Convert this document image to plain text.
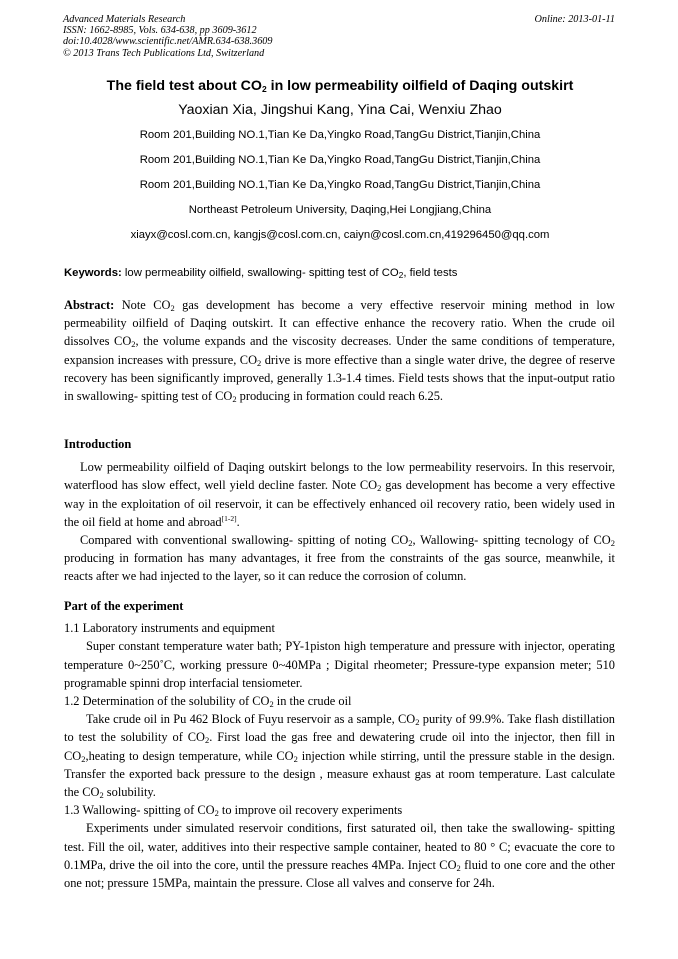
Advanced Materials Research
ISSN: 1662-8985, Vols. 634-638, pp 3609-3612
doi:10.4028/www.scientific.net/AMR.634-638.3609
© 2013 Trans Tech Publications Ltd, Switzerland
Online: 2013-01-11
The field test about $CO_2$ in low permeability oilfield of Daqing outskirt
Yaoxian Xia, Jingshui Kang, Yina Cai, Wenxiu Zhao
Room 201,Building NO.1,Tian Ke Da,Yingko Road,TangGu District,Tianjin,China
Room 201,Building NO.1,Tian Ke Da,Yingko Road,TangGu District,Tianjin,China
Room 201,Building NO.1,Tian Ke Da,Yingko Road,TangGu District,Tianjin,China
Northeast Petroleum University, Daqing,Hei Longjiang,China
xiayx@cosl.com.cn, kangjs@cosl.com.cn, caiyn@cosl.com.cn,419296450@qq.com
Keywords: low permeability oilfield, swallowing- spitting test of $CO_2$, field tests

Abstract: Note $CO_2$ gas development has become a very effective reservoir mining method in low permeability oilfield of Daqing outskirt. It can effective enhance the recovery ratio. When the crude oil dissolves $CO_2$, the volume expands and the viscosity decreases. Under the same conditions of temperature, expansion increases with pressure, $CO_2$ drive is more effective than a single water drive, the degree of reserve recovery has been significantly improved, generally 1.3-1.4 times. Field tests shows that the input-output ratio in swallowing- spitting test of $CO_2$ producing in formation could reach 6.25.

Introduction

Low permeability oilfield of Daqing outskirt belongs to the low permeability reservoirs. In this reservoir, waterflood has slow effect, well yield decline faster. Note $CO_2$ gas development has become a very effective way in the exploitation of oil reservoir, it can be effectively enhanced oil recovery ratio, been widely used in the oil field at home and abroad[1-2].

Compared with conventional swallowing- spitting of noting $CO_2$, Wallowing- spitting tecnology of $CO_2$ producing in formation has many advantages, it free from the constraints of the gas source, meanwhile, it reacts after we had injected to the layer, so it can reduce the corrosion of column.

Part of the experiment

1.1 Laboratory instruments and equipment

Super constant temperature water bath; PY-1piston high temperature and pressure with injector, operating temperature 0~250˚C, working pressure 0~40MPa ; Digital rheometer; Pressure-type expansion meter; 510 programable spinni drop interfacial tensiometer.

1.2 Determination of the solubility of $CO_2$ in the crude oil

Take crude oil in Pu 462 Block of Fuyu reservoir as a sample, $CO_2$ purity of 99.9%. Take flash distillation to test the solubility of $CO_2$. First load the gas free and dewatering crude oil into the injector, then fill in $CO_2,heating$ to design temperature, while $CO_2$ injection while stirring, until the pressure stable in the design. Transfer the exported back pressure to the design , measure exhaust gas at room temperature. Last calculate the $CO_2$ solubility.

1.3 Wallowing- spitting of $CO_2$ to improve oil recovery experiments

Experiments under simulated reservoir conditions, first saturated oil, then take the swallowing- spitting test. Fill the oil, water, additives into their respective sample container, heated to 80 ° C; evacuate the core to 0.1MPa, drive the oil into the core, until the pressure reaches 4MPa. Inject $CO_2$ fluid to one core and the other one not; pressure 15MPa, maintain the pressure. Close all valves and conserve for 24h.
